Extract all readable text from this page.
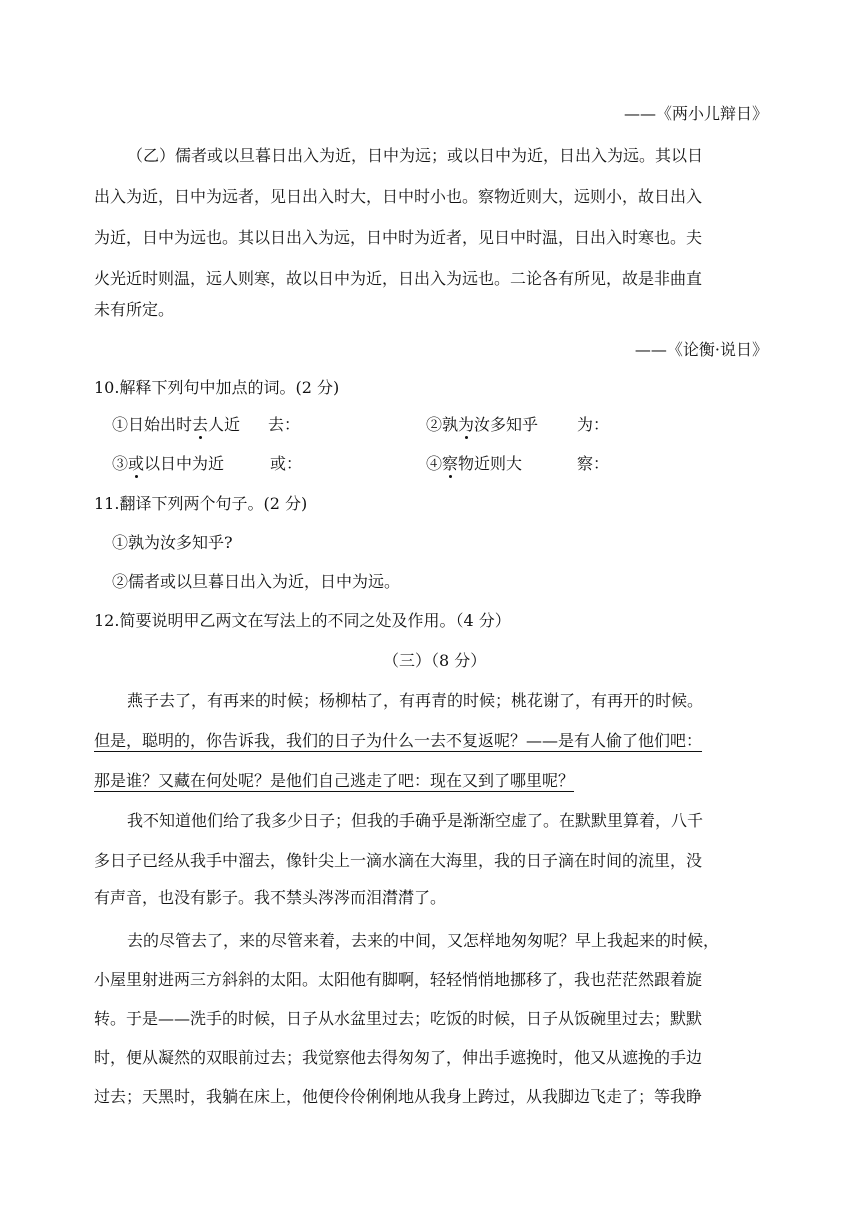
——《两小儿辩日》
（乙）儒者或以旦暮日出入为近，日中为远；或以日中为近，日出入为远。其以日
出入为近，日中为远者，见日出入时大，日中时小也。察物近则大，远则小，故日出入
为近，日中为远也。其以日出入为远，日中时为近者，见日中时温，日出入时寒也。夫
火光近时则温，远人则寒，故以日中为近，日出入为远也。二论各有所见，故是非曲直
未有所定。
——《论衡·说日》
10.解释下列句中加点的词。(2 分)
①日始出时去人近 去：	②孰为汝多知乎 为：
③或以日中为近	或：	④察物近则大	察：
11.翻译下列两个句子。(2 分)
①孰为汝多知乎?
②儒者或以旦暮日出入为近，日中为远。
12.简要说明甲乙两文在写法上的不同之处及作用。（4 分）
（三）（8 分）
燕子去了，有再来的时候；杨柳枯了，有再青的时候；桃花谢了，有再开的时候。
但是，聪明的，你告诉我，我们的日子为什么一去不复返呢？——是有人偷了他们吧：
那是谁？又藏在何处呢？是他们自己逃走了吧：现在又到了哪里呢？
我不知道他们给了我多少日子；但我的手确乎是渐渐空虚了。在默默里算着，八千
多日子已经从我手中溜去，像针尖上一滴水滴在大海里，我的日子滴在时间的流里，没
有声音，也没有影子。我不禁头涔涔而泪潸潸了。
去的尽管去了，来的尽管来着，去来的中间，又怎样地匆匆呢？早上我起来的时候，
小屋里射进两三方斜斜的太阳。太阳他有脚啊，轻轻悄悄地挪移了，我也茫茫然跟着旋
转。于是——洗手的时候，日子从水盆里过去；吃饭的时候，日子从饭碗里过去；默默
时，便从凝然的双眼前过去；我觉察他去得匆匆了，伸出手遮挽时，他又从遮挽的手边
过去；天黑时，我躺在床上，他便伶伶俐俐地从我身上跨过，从我脚边飞走了；等我睁
